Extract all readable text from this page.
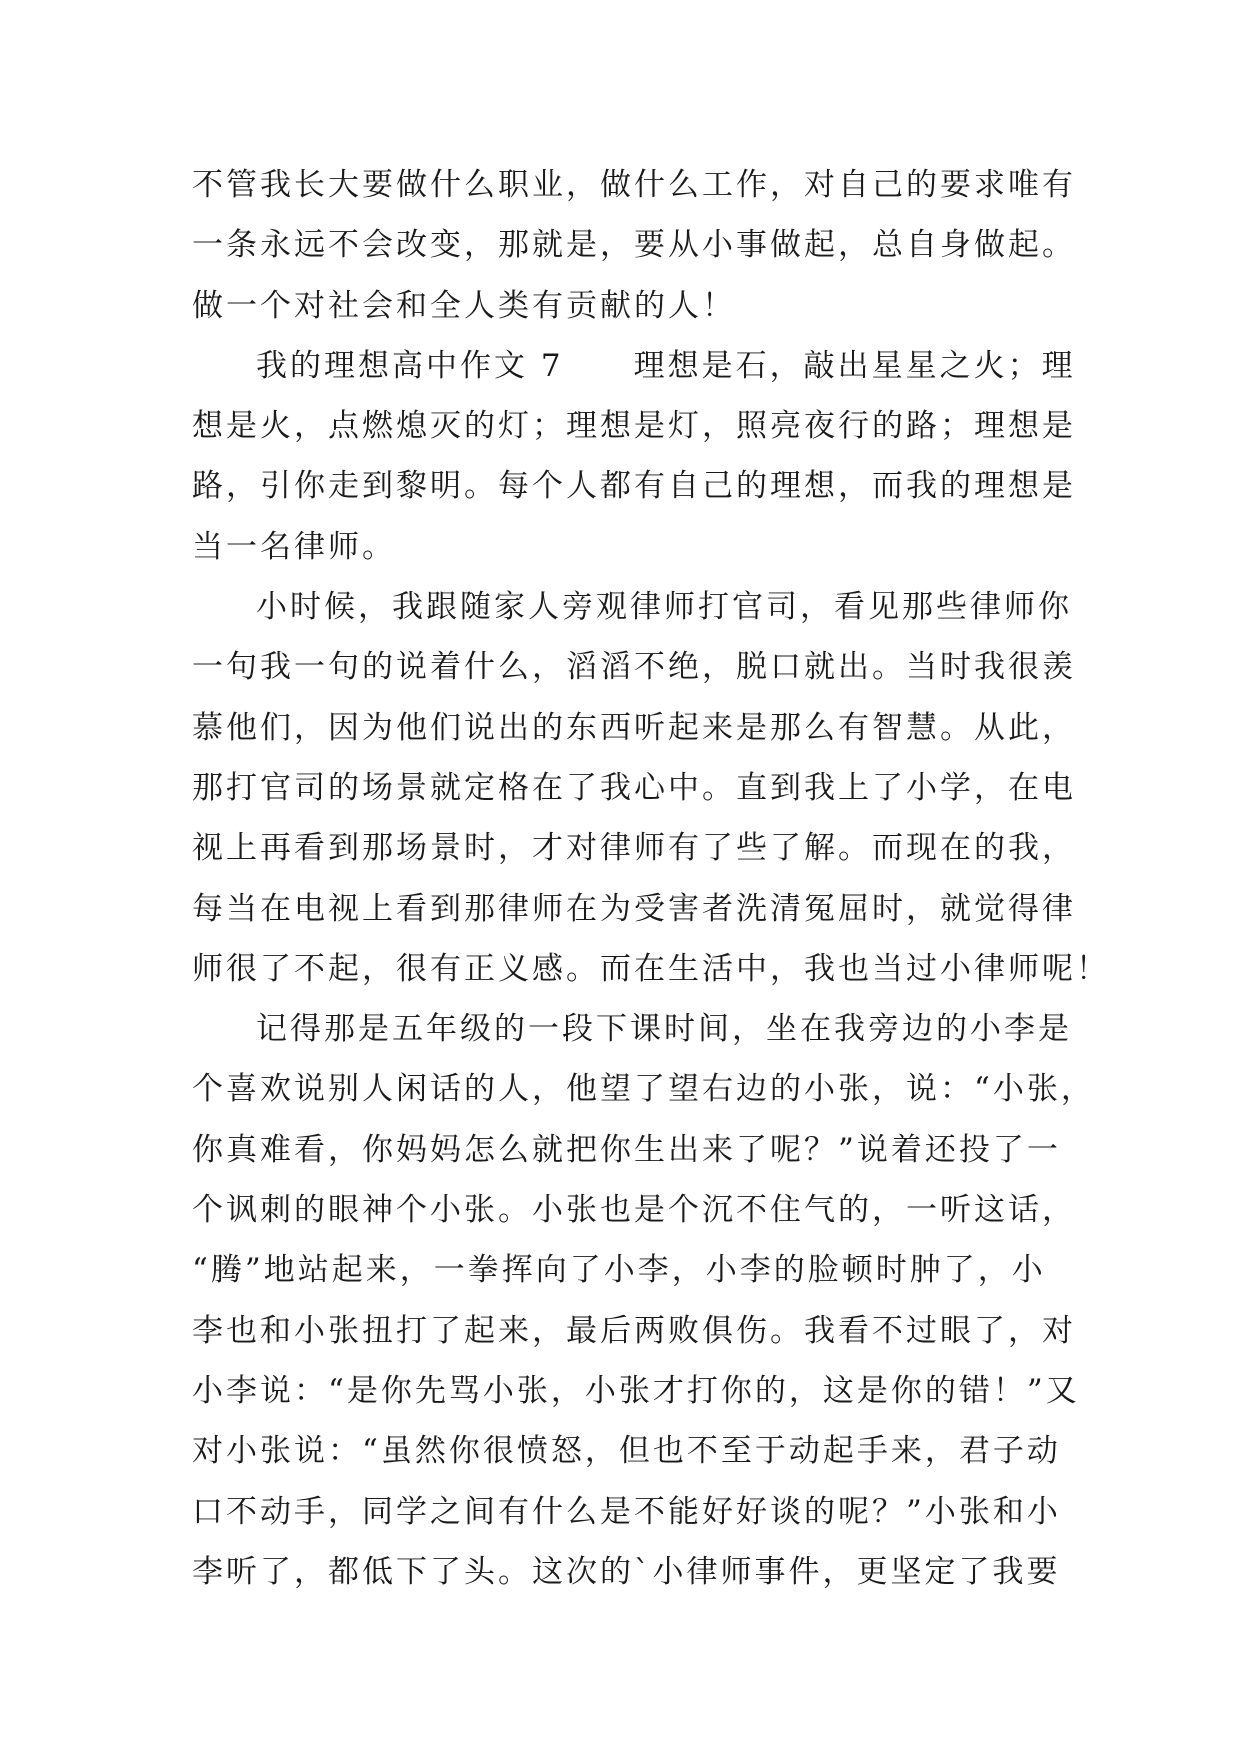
不管我长大要做什么职业，做什么工作，对自己的要求唯有
一条永远不会改变，那就是，要从小事做起，总自身做起。
做一个对社会和全人类有贡献的人！
我的理想高中作文 7 理想是石，敲出星星之火；理
想是火，点燃熄灭的灯；理想是灯，照亮夜行的路；理想是
路，引你走到黎明。每个人都有自己的理想，而我的理想是
当一名律师。
小时候，我跟随家人旁观律师打官司，看见那些律师你
一句我一句的说着什么，滔滔不绝，脱口就出。当时我很羡
慕他们，因为他们说出的东西听起来是那么有智慧。从此，
那打官司的场景就定格在了我心中。直到我上了小学，在电
视上再看到那场景时，才对律师有了些了解。而现在的我，
每当在电视上看到那律师在为受害者洗清冤屈时，就觉得律
师很了不起，很有正义感。而在生活中，我也当过小律师呢！
记得那是五年级的一段下课时间，坐在我旁边的小李是
个喜欢说别人闲话的人，他望了望右边的小张，说：“小张，
你真难看，你妈妈怎么就把你生出来了呢？”说着还投了一
个讽刺的眼神个小张。小张也是个沉不住气的，一听这话，
“腾”地站起来，一拳挥向了小李，小李的脸顿时肿了，小
李也和小张扭打了起来，最后两败俱伤。我看不过眼了，对
小李说：“是你先骂小张，小张才打你的，这是你的错！”又
对小张说：“虽然你很愤怒，但也不至于动起手来，君子动
口不动手，同学之间有什么是不能好好谈的呢？”小张和小
李听了，都低下了头。这次的`小律师事件，更坚定了我要
